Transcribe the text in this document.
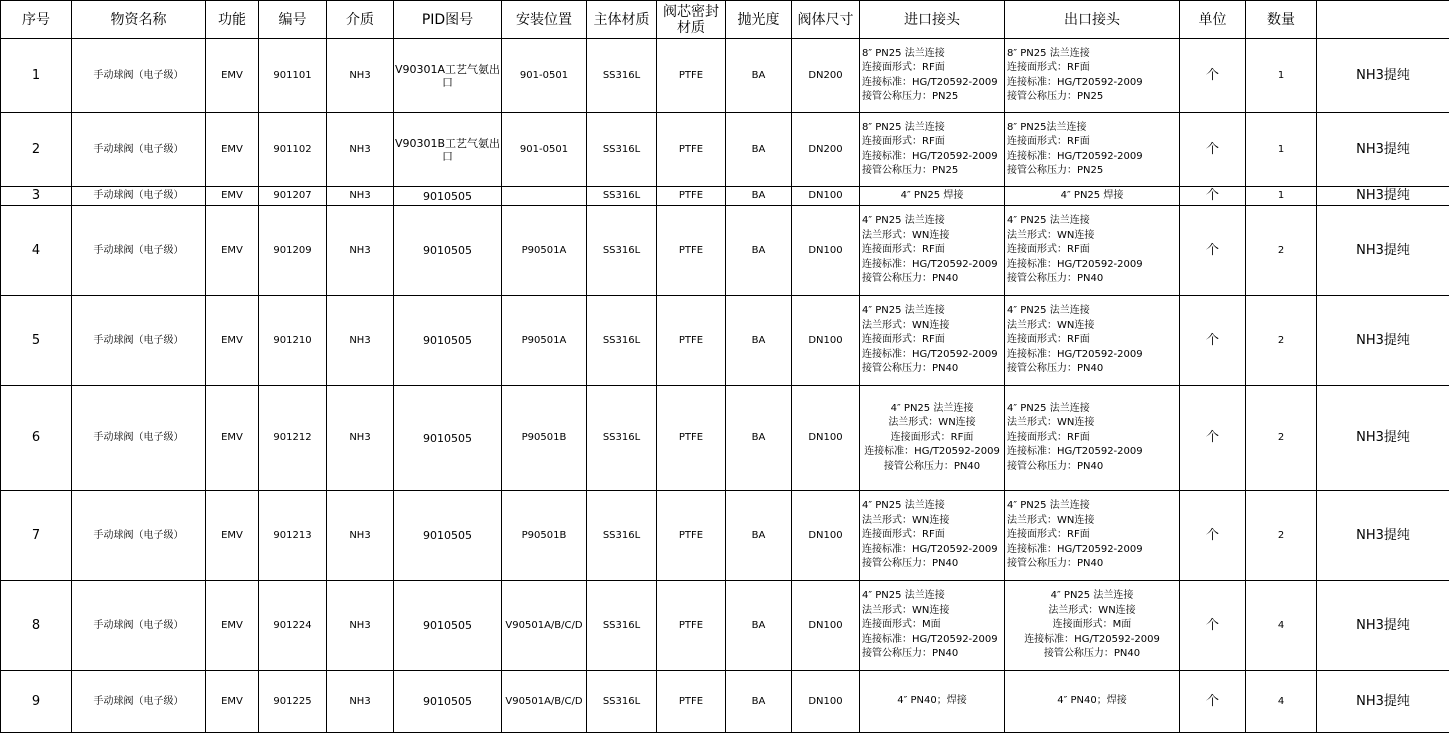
序号	物资名称	功能	编号	介质	PID图号	安装位置	主体材质	阀芯密封材质	抛光度	阀体尺寸	进口接头	出口接头	单位	数量	
1	手动球阀（电子级）	EMV	901101	NH3	V90301A工艺气氨出口	901-0501	SS316L	PTFE	BA	DN200	8″ PN25 法兰连接
连接面形式：RF面
连接标准：HG/T20592-2009
接管公称压力：PN25	8″ PN25 法兰连接
连接面形式：RF面
连接标准：HG/T20592-2009
接管公称压力：PN25	个	1	NH3提纯
2	手动球阀（电子级）	EMV	901102	NH3	V90301B工艺气氨出口	901-0501	SS316L	PTFE	BA	DN200	8″ PN25 法兰连接
连接面形式：RF面
连接标准：HG/T20592-2009
接管公称压力：PN25	8″ PN25法兰连接
连接面形式：RF面
连接标准：HG/T20592-2009
接管公称压力：PN25	个	1	NH3提纯
3	手动球阀（电子级）	EMV	901207	NH3	9010505		SS316L	PTFE	BA	DN100	4″ PN25 焊接	4″ PN25 焊接	个	1	NH3提纯
4	手动球阀（电子级）	EMV	901209	NH3	9010505	P90501A	SS316L	PTFE	BA	DN100	4″ PN25 法兰连接
法兰形式：WN连接
连接面形式：RF面
连接标准：HG/T20592-2009
接管公称压力：PN40	4″ PN25 法兰连接
法兰形式：WN连接
连接面形式：RF面
连接标准：HG/T20592-2009
接管公称压力：PN40	个	2	NH3提纯
5	手动球阀（电子级）	EMV	901210	NH3	9010505	P90501A	SS316L	PTFE	BA	DN100	4″ PN25 法兰连接
法兰形式：WN连接
连接面形式：RF面
连接标准：HG/T20592-2009
接管公称压力：PN40	4″ PN25 法兰连接
法兰形式：WN连接
连接面形式：RF面
连接标准：HG/T20592-2009
接管公称压力：PN40	个	2	NH3提纯
6	手动球阀（电子级）	EMV	901212	NH3	9010505	P90501B	SS316L	PTFE	BA	DN100	4″ PN25 法兰连接
法兰形式：WN连接
连接面形式：RF面
连接标准：HG/T20592-2009
接管公称压力：PN40	4″ PN25 法兰连接
法兰形式：WN连接
连接面形式：RF面
连接标准：HG/T20592-2009
接管公称压力：PN40	个	2	NH3提纯
7	手动球阀（电子级）	EMV	901213	NH3	9010505	P90501B	SS316L	PTFE	BA	DN100	4″ PN25 法兰连接
法兰形式：WN连接
连接面形式：RF面
连接标准：HG/T20592-2009
接管公称压力：PN40	4″ PN25 法兰连接
法兰形式：WN连接
连接面形式：RF面
连接标准：HG/T20592-2009
接管公称压力：PN40	个	2	NH3提纯
8	手动球阀（电子级）	EMV	901224	NH3	9010505	V90501A/B/C/D	SS316L	PTFE	BA	DN100	4″ PN25 法兰连接
法兰形式：WN连接
连接面形式：M面
连接标准：HG/T20592-2009
接管公称压力：PN40	4″ PN25 法兰连接
法兰形式：WN连接
连接面形式：M面
连接标准：HG/T20592-2009
接管公称压力：PN40	个	4	NH3提纯
9	手动球阀（电子级）	EMV	901225	NH3	9010505	V90501A/B/C/D	SS316L	PTFE	BA	DN100	4″ PN40；焊接	4″ PN40；焊接	个	4	NH3提纯
